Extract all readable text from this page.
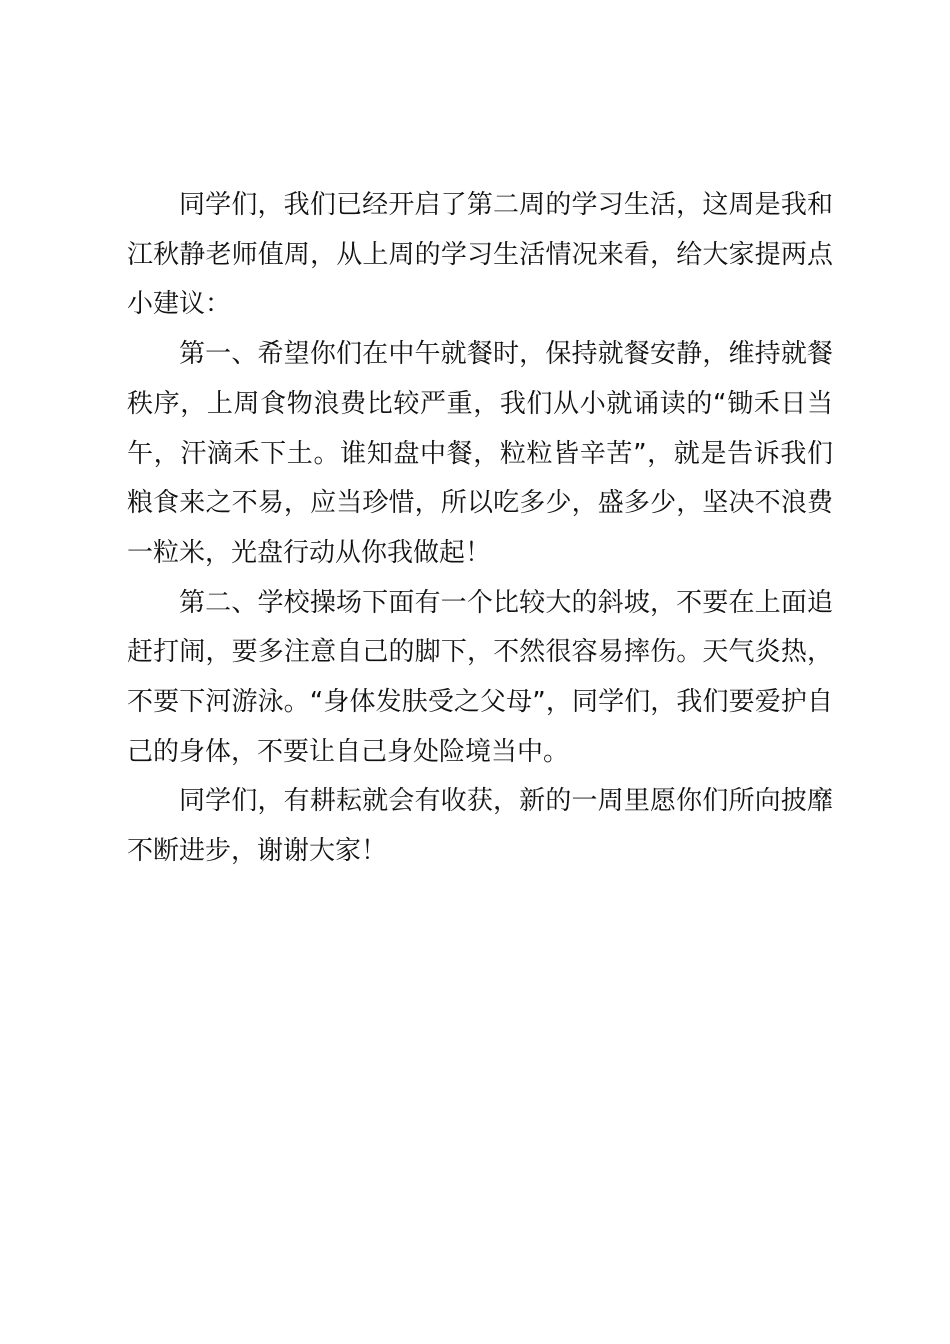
同学们，我们已经开启了第二周的学习生活，这周是我和江秋静老师值周，从上周的学习生活情况来看，给大家提两点小建议：

第一、希望你们在中午就餐时，保持就餐安静，维持就餐秩序，上周食物浪费比较严重，我们从小就诵读的“锄禾日当午，汗滴禾下土。谁知盘中餐，粒粒皆辛苦”，就是告诉我们粮食来之不易，应当珍惜，所以吃多少，盛多少，坚决不浪费一粒米，光盘行动从你我做起！

第二、学校操场下面有一个比较大的斜坡，不要在上面追赶打闹，要多注意自己的脚下，不然很容易摔伤。天气炎热，不要下河游泳。“身体发肤受之父母”，同学们，我们要爱护自己的身体，不要让自己身处险境当中。

同学们，有耕耘就会有收获，新的一周里愿你们所向披靡不断进步，谢谢大家！
